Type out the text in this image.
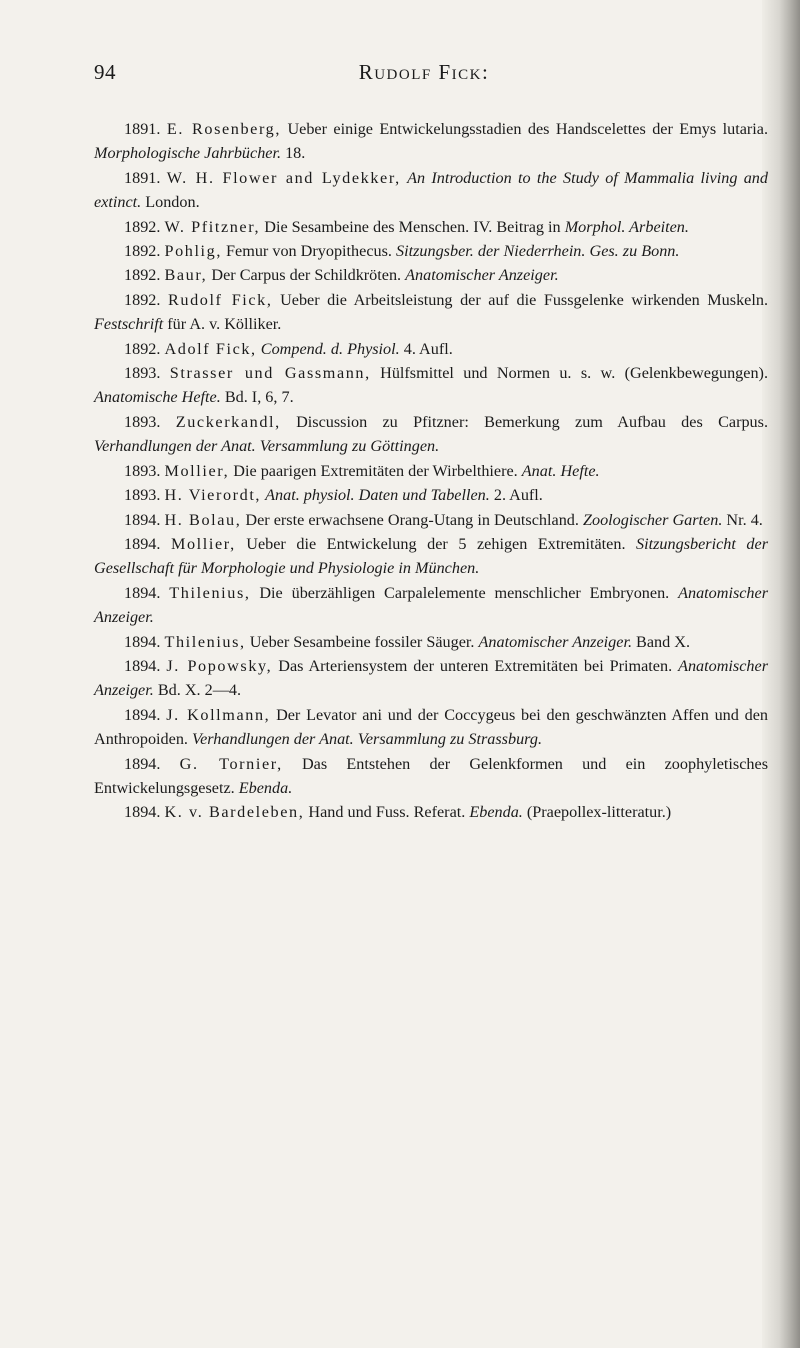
94	Rudolf Fick:

1891. E. Rosenberg, Ueber einige Entwickelungsstadien des Handscelettes der Emys lutaria. Morphologische Jahrbücher. 18.

1891. W. H. Flower and Lydekker, An Introduction to the Study of Mammalia living and extinct. London.

1892. W. Pfitzner, Die Sesambeine des Menschen. IV. Beitrag in Morphol. Arbeiten.

1892. Pohlig, Femur von Dryopithecus. Sitzungsber. der Niederrhein. Ges. zu Bonn.

1892. Baur, Der Carpus der Schildkröten. Anatomischer Anzeiger.

1892. Rudolf Fick, Ueber die Arbeitsleistung der auf die Fussgelenke wirkenden Muskeln. Festschrift für A. v. Kölliker.

1892. Adolf Fick, Compend. d. Physiol. 4. Aufl.

1893. Strasser und Gassmann, Hülfsmittel und Normen u. s. w. (Gelenkbewegungen). Anatomische Hefte. Bd. I, 6, 7.

1893. Zuckerkandl, Discussion zu Pfitzner: Bemerkung zum Aufbau des Carpus. Verhandlungen der Anat. Versammlung zu Göttingen.

1893. Mollier, Die paarigen Extremitäten der Wirbelthiere. Anat. Hefte.

1893. H. Vierordt, Anat. physiol. Daten und Tabellen. 2. Aufl.

1894. H. Bolau, Der erste erwachsene Orang-Utang in Deutschland. Zoologischer Garten. Nr. 4.

1894. Mollier, Ueber die Entwickelung der 5 zehigen Extremitäten. Sitzungsbericht der Gesellschaft für Morphologie und Physiologie in München.

1894. Thilenius, Die überzähligen Carpalelemente menschlicher Embryonen. Anatomischer Anzeiger.

1894. Thilenius, Ueber Sesambeine fossiler Säuger. Anatomischer Anzeiger. Band X.

1894. J. Popowsky, Das Arteriensystem der unteren Extremitäten bei Primaten. Anatomischer Anzeiger. Bd. X. 2—4.

1894. J. Kollmann, Der Levator ani und der Coccygeus bei den geschwänzten Affen und den Anthropoiden. Verhandlungen der Anat. Versammlung zu Strassburg.

1894. G. Tornier, Das Entstehen der Gelenkformen und ein zoophyletisches Entwickelungsgesetz. Ebenda.

1894. K. v. Bardeleben, Hand und Fuss. Referat. Ebenda. (Praepollex-litteratur.)
